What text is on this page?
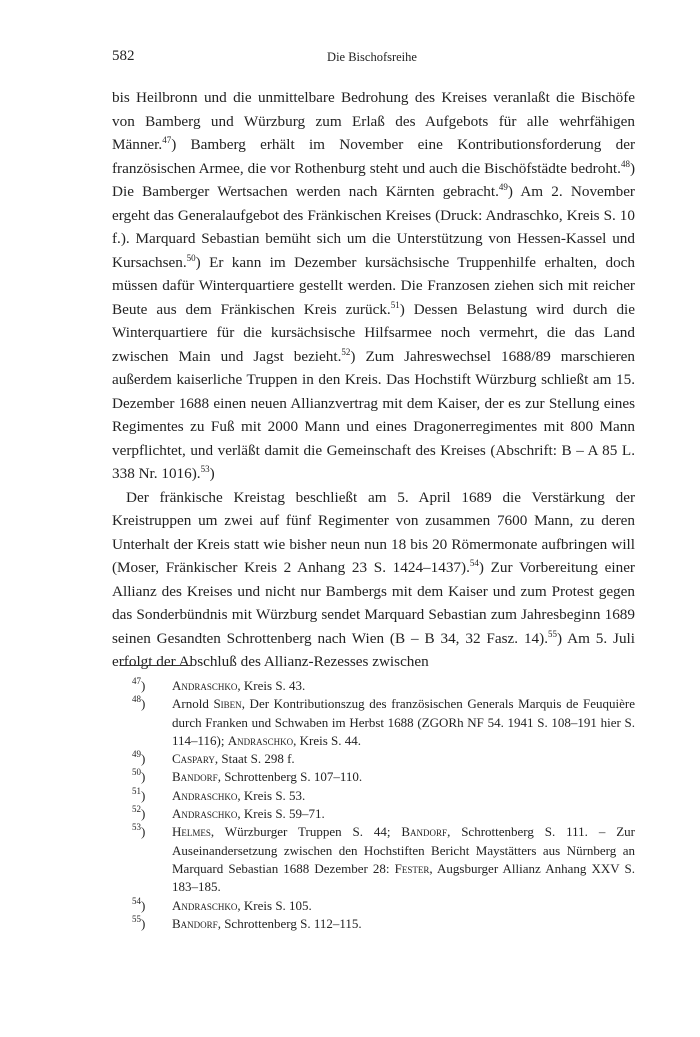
582	Die Bischofsreihe

bis Heilbronn und die unmittelbare Bedrohung des Kreises veranlaßt die Bischöfe von Bamberg und Würzburg zum Erlaß des Aufgebots für alle wehrfähigen Männer.$^{47}$) Bamberg erhält im November eine Kontributionsforderung der französischen Armee, die vor Rothenburg steht und auch die Bischöfstädte bedroht.$^{48}$) Die Bamberger Wertsachen werden nach Kärnten gebracht.$^{49}$) Am 2. November ergeht das Generalaufgebot des Fränkischen Kreises (Druck: Andraschko, Kreis S. 10 f.). Marquard Sebastian bemüht sich um die Unterstützung von Hessen-Kassel und Kursachsen.$^{50}$) Er kann im Dezember kursächsische Truppenhilfe erhalten, doch müssen dafür Winterquartiere gestellt werden. Die Franzosen ziehen sich mit reicher Beute aus dem Fränkischen Kreis zurück.$^{51}$) Dessen Belastung wird durch die Winterquartiere für die kursächsische Hilfsarmee noch vermehrt, die das Land zwischen Main und Jagst bezieht.$^{52}$) Zum Jahreswechsel 1688/89 marschieren außerdem kaiserliche Truppen in den Kreis. Das Hochstift Würzburg schließt am 15. Dezember 1688 einen neuen Allianzvertrag mit dem Kaiser, der es zur Stellung eines Regimentes zu Fuß mit 2000 Mann und eines Dragonerregimentes mit 800 Mann verpflichtet, und verläßt damit die Gemeinschaft des Kreises (Abschrift: B – A 85 L. 338 Nr. 1016).$^{53}$)

Der fränkische Kreistag beschließt am 5. April 1689 die Verstärkung der Kreistruppen um zwei auf fünf Regimenter von zusammen 7600 Mann, zu deren Unterhalt der Kreis statt wie bisher neun nun 18 bis 20 Römermonate aufbringen will (Moser, Fränkischer Kreis 2 Anhang 23 S. 1424–1437).$^{54}$) Zur Vorbereitung einer Allianz des Kreises und nicht nur Bambergs mit dem Kaiser und zum Protest gegen das Sonderbündnis mit Würzburg sendet Marquard Sebastian zum Jahresbeginn 1689 seinen Gesandten Schrottenberg nach Wien (B – B 34, 32 Fasz. 14).$^{55}$) Am 5. Juli erfolgt der Abschluß des Allianz-Rezesses zwischen

$^{47}$) Andraschko, Kreis S. 43.
$^{48}$) Arnold Siben, Der Kontributionszug des französischen Generals Marquis de Feuquière durch Franken und Schwaben im Herbst 1688 (ZGORh NF 54. 1941 S. 108–191 hier S. 114–116); Andraschko, Kreis S. 44.
$^{49}$) Caspary, Staat S. 298 f.
$^{50}$) Bandorf, Schrottenberg S. 107–110.
$^{51}$) Andraschko, Kreis S. 53.
$^{52}$) Andraschko, Kreis S. 59–71.
$^{53}$) Helmes, Würzburger Truppen S. 44; Bandorf, Schrottenberg S. 111. – Zur Auseinandersetzung zwischen den Hochstiften Bericht Maystätters aus Nürnberg an Marquard Sebastian 1688 Dezember 28: Fester, Augsburger Allianz Anhang XXV S. 183–185.
$^{54}$) Andraschko, Kreis S. 105.
$^{55}$) Bandorf, Schrottenberg S. 112–115.
